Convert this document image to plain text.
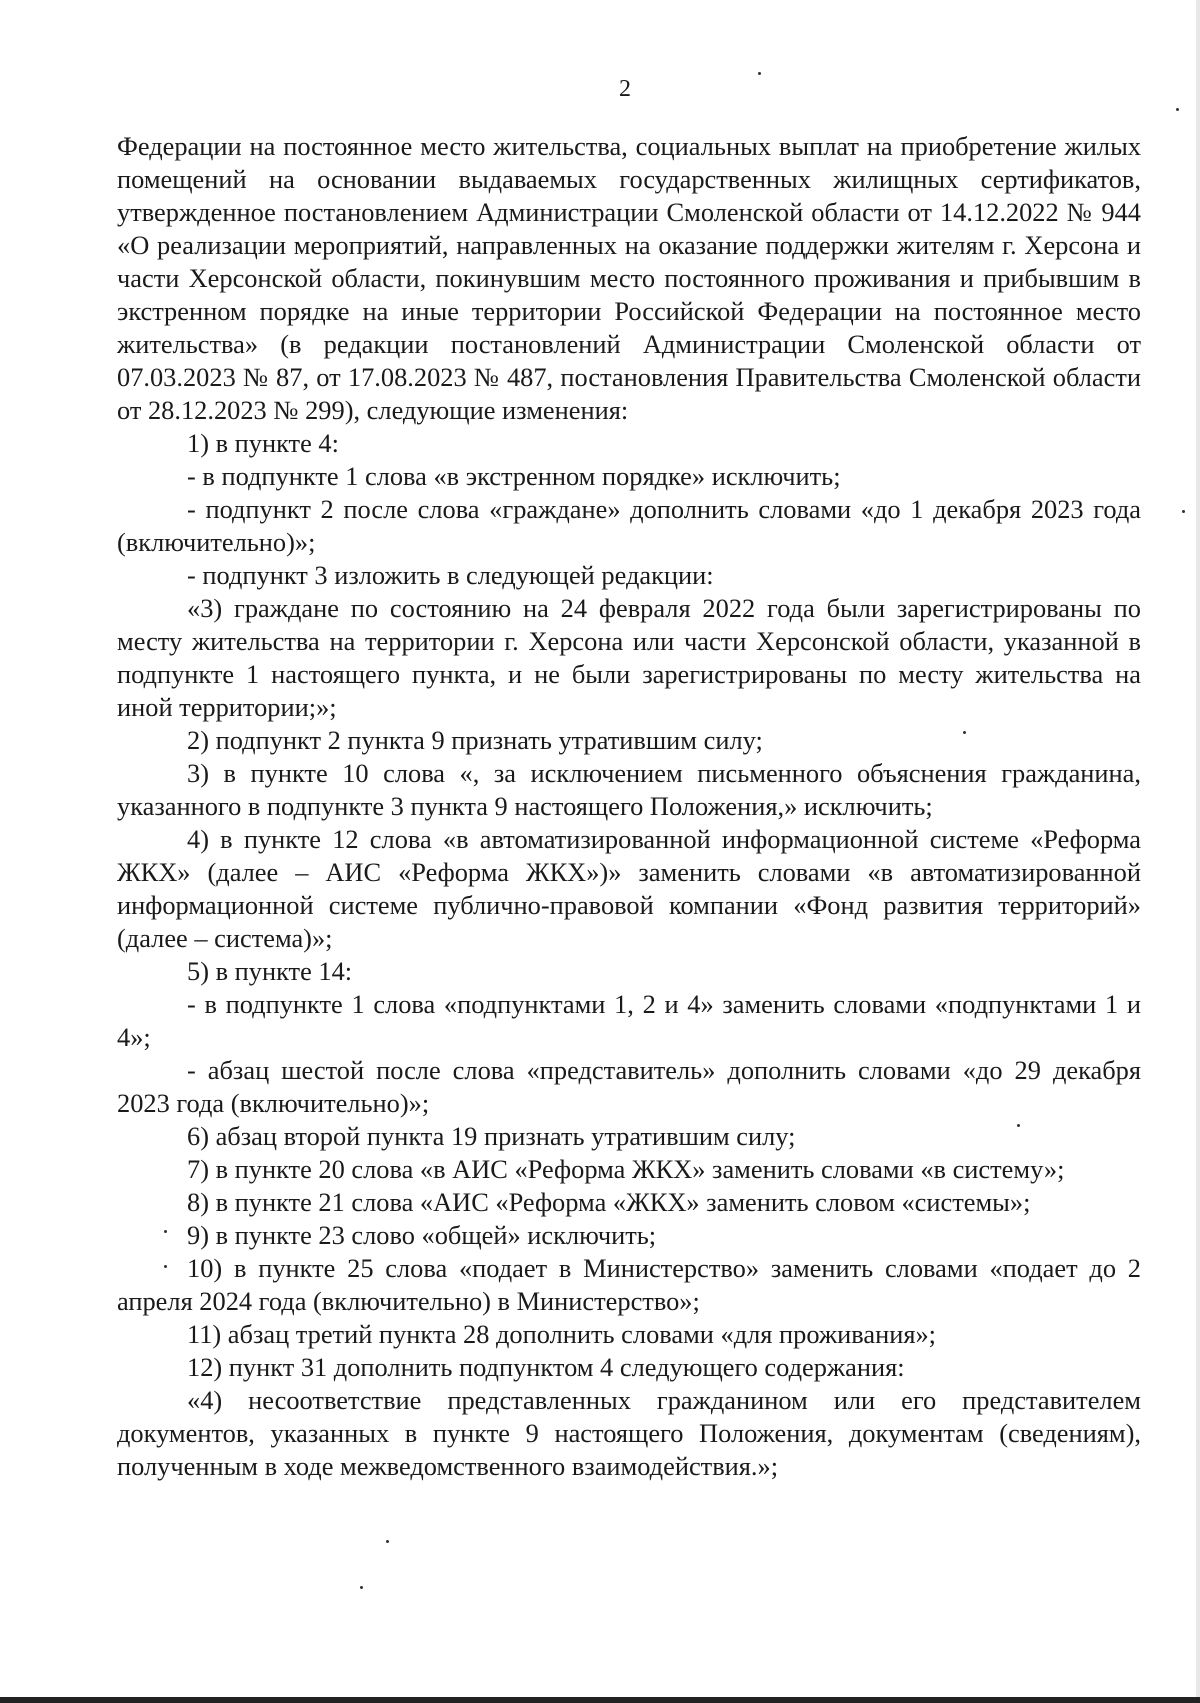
2

Федерации на постоянное место жительства, социальных выплат на приобретение жилых помещений на основании выдаваемых государственных жилищных сертификатов, утвержденное постановлением Администрации Смоленской области от 14.12.2022 № 944 «О реализации мероприятий, направленных на оказание поддержки жителям г. Херсона и части Херсонской области, покинувшим место постоянного проживания и прибывшим в экстренном порядке на иные территории Российской Федерации на постоянное место жительства» (в редакции постановлений Администрации Смоленской области от 07.03.2023 № 87, от 17.08.2023 № 487, постановления Правительства Смоленской области от 28.12.2023 № 299), следующие изменения:

1) в пункте 4:

- в подпункте 1 слова «в экстренном порядке» исключить;

- подпункт 2 после слова «граждане» дополнить словами «до 1 декабря 2023 года (включительно)»;

- подпункт 3 изложить в следующей редакции:

«3) граждане по состоянию на 24 февраля 2022 года были зарегистрированы по месту жительства на территории г. Херсона или части Херсонской области, указанной в подпункте 1 настоящего пункта, и не были зарегистрированы по месту жительства на иной территории;»;

2) подпункт 2 пункта 9 признать утратившим силу;

3) в пункте 10 слова «, за исключением письменного объяснения гражданина, указанного в подпункте 3 пункта 9 настоящего Положения,» исключить;

4) в пункте 12 слова «в автоматизированной информационной системе «Реформа ЖКХ» (далее – АИС «Реформа ЖКХ»)» заменить словами «в автоматизированной информационной системе публично-правовой компании «Фонд развития территорий» (далее – система)»;

5) в пункте 14:

- в подпункте 1 слова «подпунктами 1, 2 и 4» заменить словами «подпунктами 1 и 4»;

- абзац шестой после слова «представитель» дополнить словами «до 29 декабря 2023 года (включительно)»;

6) абзац второй пункта 19 признать утратившим силу;

7) в пункте 20 слова «в АИС «Реформа ЖКХ» заменить словами «в систему»;

8) в пункте 21 слова «АИС «Реформа «ЖКХ» заменить словом «системы»;

9) в пункте 23 слово «общей» исключить;

10) в пункте 25 слова «подает в Министерство» заменить словами «подает до 2 апреля 2024 года (включительно) в Министерство»;

11) абзац третий пункта 28 дополнить словами «для проживания»;

12) пункт 31 дополнить подпунктом 4 следующего содержания:

«4) несоответствие представленных гражданином или его представителем документов, указанных в пункте 9 настоящего Положения, документам (сведениям), полученным в ходе межведомственного взаимодействия.»;
